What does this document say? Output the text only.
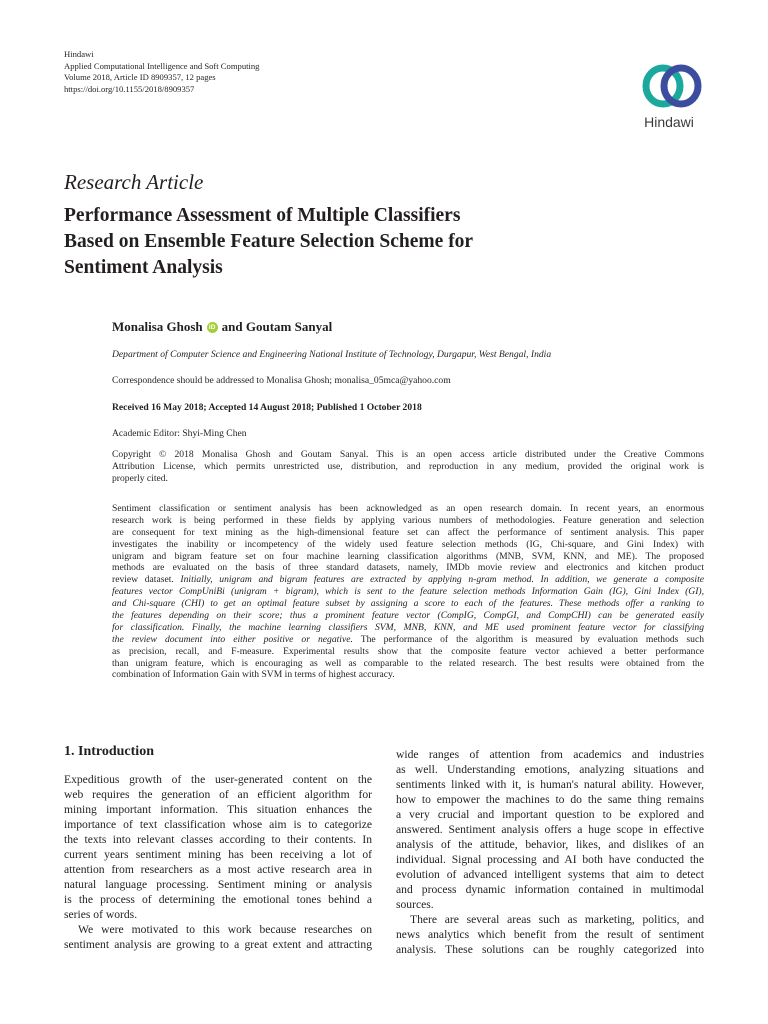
Hindawi
Applied Computational Intelligence and Soft Computing
Volume 2018, Article ID 8909357, 12 pages
https://doi.org/10.1155/2018/8909357
Hindawi
Research Article
Performance Assessment of Multiple Classifiers
Based on Ensemble Feature Selection Scheme for
Sentiment Analysis
Monalisa Ghosh iD and Goutam Sanyal
Department of Computer Science and Engineering National Institute of Technology, Durgapur, West Bengal, India
Correspondence should be addressed to Monalisa Ghosh; monalisa_05mca@yahoo.com
Received 16 May 2018; Accepted 14 August 2018; Published 1 October 2018
Academic Editor: Shyi-Ming Chen
Copyright © 2018 Monalisa Ghosh and Goutam Sanyal. This is an open access article distributed under the Creative Commons
Attribution License, which permits unrestricted use, distribution, and reproduction in any medium, provided the original work is
properly cited.
Sentiment classification or sentiment analysis has been acknowledged as an open research domain. In recent years, an enormous
research work is being performed in these fields by applying various numbers of methodologies. Feature generation and selection
are consequent for text mining as the high-dimensional feature set can affect the performance of sentiment analysis. This paper
investigates the inability or incompetency of the widely used feature selection methods (IG, Chi-square, and Gini Index) with
unigram and bigram feature set on four machine learning classification algorithms (MNB, SVM, KNN, and ME). The proposed
methods are evaluated on the basis of three standard datasets, namely, IMDb movie review and electronics and kitchen product
review dataset. Initially, unigram and bigram features are extracted by applying n-gram method. In addition, we generate a composite
features vector CompUniBi (unigram + bigram), which is sent to the feature selection methods Information Gain (IG), Gini Index (GI),
and Chi-square (CHI) to get an optimal feature subset by assigning a score to each of the features. These methods offer a ranking to
the features depending on their score; thus a prominent feature vector (CompIG, CompGI, and CompCHI) can be generated easily
for classification. Finally, the machine learning classifiers SVM, MNB, KNN, and ME used prominent feature vector for classifying
the review document into either positive or negative. The performance of the algorithm is measured by evaluation methods such
as precision, recall, and F-measure. Experimental results show that the composite feature vector achieved a better performance
than unigram feature, which is encouraging as well as comparable to the related research. The best results were obtained from the
combination of Information Gain with SVM in terms of highest accuracy.
1. Introduction
Expeditious growth of the user-generated content on the
web requires the generation of an efficient algorithm for
mining important information. This situation enhances the
importance of text classification whose aim is to categorize
the texts into relevant classes according to their contents. In
current years sentiment mining has been receiving a lot of
attention from researchers as a most active research area in
natural language processing. Sentiment mining or analysis
is the process of determining the emotional tones behind a
series of words.
We were motivated to this work because researches on
sentiment analysis are growing to a great extent and attracting
wide ranges of attention from academics and industries
as well. Understanding emotions, analyzing situations and
sentiments linked with it, is human's natural ability. However,
how to empower the machines to do the same thing remains
a very crucial and important question to be explored and
answered. Sentiment analysis offers a huge scope in effective
analysis of the attitude, behavior, likes, and dislikes of an
individual. Signal processing and AI both have conducted the
evolution of advanced intelligent systems that aim to detect
and process dynamic information contained in multimodal
sources.
There are several areas such as marketing, politics, and
news analytics which benefit from the result of sentiment
analysis. These solutions can be roughly categorized into
